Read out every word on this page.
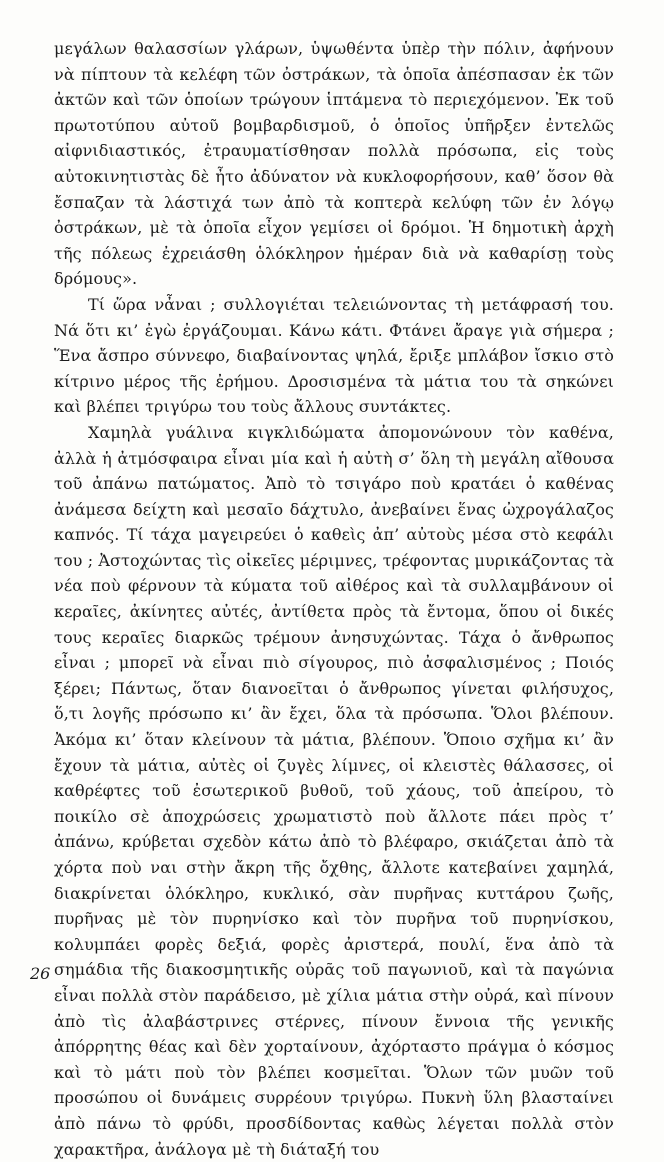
μεγάλων θαλασσίων γλάρων, ὑψωθέντα ὑπὲρ τὴν πόλιν, ἀφήνουν νὰ πίπτουν τὰ κελέφη τῶν ὀστράκων, τὰ ὁποῖα ἀπέσπασαν ἐκ τῶν ἀκτῶν καὶ τῶν ὁποίων τρώγουν ἱπτάμενα τὸ περιεχόμενον. Ἐκ τοῦ πρωτοτύπου αὐτοῦ βομβαρδισμοῦ, ὁ ὁποῖος ὑπῆρξεν ἐντελῶς αἰφνιδιαστικός, ἐτραυματίσθησαν πολλὰ πρόσωπα, εἰς τοὺς αὐτοκινητιστὰς δὲ ἦτο ἀδύνατον νὰ κυκλοφορήσουν, καθ’ ὅσον θὰ ἔσπαζαν τὰ λάστιχά των ἀπὸ τὰ κοπτερὰ κελύφη τῶν ἐν λόγῳ ὀστράκων, μὲ τὰ ὁποῖα εἶχον γεμίσει οἱ δρόμοι. Ἡ δημοτικὴ ἀρχὴ τῆς πόλεως ἐχρειάσθη ὁλόκληρον ἡμέραν διὰ νὰ καθαρίσῃ τοὺς δρόμους».

Τί ὥρα νἆναι ; συλλογιέται τελειώνοντας τὴ μετάφρασή του. Νά ὅτι κι’ ἐγὼ ἐργάζουμαι. Κάνω κάτι. Φτάνει ἄραγε γιὰ σήμερα ; Ἕνα ἄσπρο σύννεφο, διαβαίνοντας ψηλά, ἔριξε μπλάβον ἴσκιο στὸ κίτρινο μέρος τῆς ἐρήμου. Δροσισμένα τὰ μάτια του τὰ σηκώνει καὶ βλέπει τριγύρω του τοὺς ἄλλους συντάκτες.

Χαμηλὰ γυάλινα κιγκλιδώματα ἀπομονώνουν τὸν καθένα, ἀλλὰ ἡ ἀτμόσφαιρα εἶναι μία καὶ ἡ αὐτὴ σ’ ὅλη τὴ μεγάλη αἴθουσα τοῦ ἀπάνω πατώματος. Ἀπὸ τὸ τσιγάρο ποὺ κρατάει ὁ καθένας ἀνάμεσα δείχτη καὶ μεσαῖο δάχτυλο, ἀνεβαίνει ἕνας ὠχρογάλαζος καπνός. Τί τάχα μαγειρεύει ὁ καθεὶς ἀπ’ αὐτοὺς μέσα στὸ κεφάλι του ; Ἀστοχώντας τὶς οἰκεῖες μέριμνες, τρέφοντας μυρικάζοντας τὰ νέα ποὺ φέρνουν τὰ κύματα τοῦ αἰθέρος καὶ τὰ συλλαμβάνουν οἱ κεραῖες, ἀκίνητες αὐτές, ἀντίθετα πρὸς τὰ ἔντομα, ὅπου οἱ δικές τους κεραῖες διαρκῶς τρέμουν ἀνησυχώντας. Τάχα ὁ ἄνθρωπος εἶναι ; μπορεῖ νὰ εἶναι πιὸ σίγουρος, πιὸ ἀσφαλισμένος ; Ποιός ξέρει; Πάντως, ὅταν διανοεῖται ὁ ἄνθρωπος γίνεται φιλήσυχος, ὅ,τι λογῆς πρόσωπο κι’ ἂν ἔχει, ὅλα τὰ πρόσωπα. Ὅλοι βλέπουν. Ἀκόμα κι’ ὅταν κλείνουν τὰ μάτια, βλέπουν. Ὅποιο σχῆμα κι’ ἂν ἔχουν τὰ μάτια, αὐτὲς οἱ ζυγὲς λίμνες, οἱ κλειστὲς θάλασσες, οἱ καθρέφτες τοῦ ἐσωτερικοῦ βυθοῦ, τοῦ χάους, τοῦ ἀπείρου, τὸ ποικίλο σὲ ἀποχρώσεις χρωματιστὸ ποὺ ἄλλοτε πάει πρὸς τ’ ἀπάνω, κρύβεται σχεδὸν κάτω ἀπὸ τὸ βλέφαρο, σκιάζεται ἀπὸ τὰ χόρτα ποὺ ναι στὴν ἄκρη τῆς ὄχθης, ἄλλοτε κατεβαίνει χαμηλά, διακρίνεται ὁλόκληρο, κυκλικό, σὰν πυρῆνας κυττάρου ζωῆς, πυρῆνας μὲ τὸν πυρηνίσκο καὶ τὸν πυρῆνα τοῦ πυρηνίσκου, κολυμπάει φορὲς δεξιά, φορὲς ἀριστερά, πουλί, ἕνα ἀπὸ τὰ σημάδια τῆς διακοσμητικῆς οὐρᾶς τοῦ παγωνιοῦ, καὶ τὰ παγώνια εἶναι πολλὰ στὸν παράδεισο, μὲ χίλια μάτια στὴν οὐρά, καὶ πίνουν ἀπὸ τὶς ἀλαβάστρινες στέρνες, πίνουν ἔννοια τῆς γενικῆς ἀπόρρητης θέας καὶ δὲν χορταίνουν, ἀχόρταστο πράγμα ὁ κόσμος καὶ τὸ μάτι ποὺ τὸν βλέπει κοσμεῖται. Ὅλων τῶν μυῶν τοῦ προσώπου οἱ δυνάμεις συρρέουν τριγύρω. Πυκνὴ ὕλη βλασταίνει ἀπὸ πάνω τὸ φρύδι, προσδίδοντας καθὼς λέγεται πολλὰ στὸν χαρακτῆρα, ἀνάλογα μὲ τὴ διάταξή του

26
